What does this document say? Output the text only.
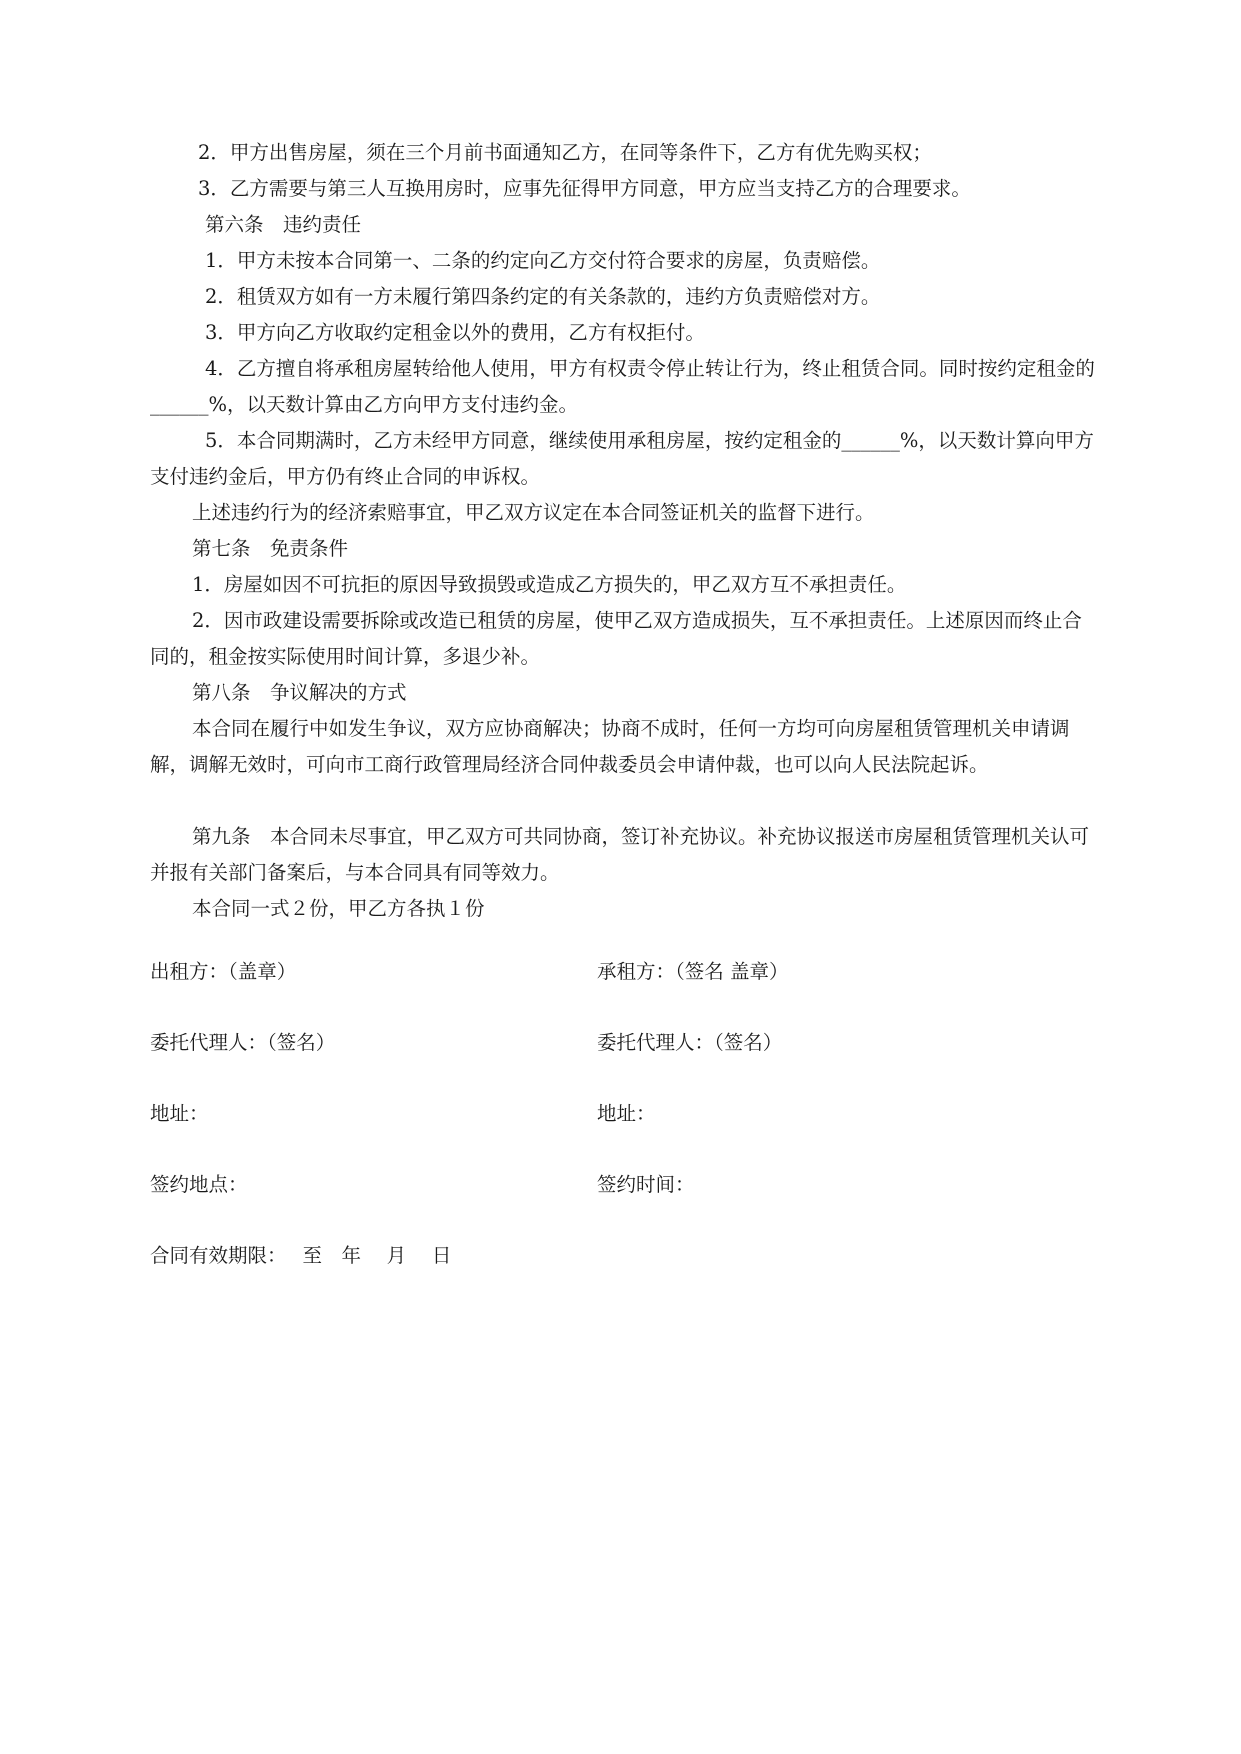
2．甲方出售房屋，须在三个月前书面通知乙方，在同等条件下，乙方有优先购买权；

3．乙方需要与第三人互换用房时，应事先征得甲方同意，甲方应当支持乙方的合理要求。

第六条　违约责任

1．甲方未按本合同第一、二条的约定向乙方交付符合要求的房屋，负责赔偿。

2．租赁双方如有一方未履行第四条约定的有关条款的，违约方负责赔偿对方。

3．甲方向乙方收取约定租金以外的费用，乙方有权拒付。

4．乙方擅自将承租房屋转给他人使用，甲方有权责令停止转让行为，终止租赁合同。同时按约定租金的______%，以天数计算由乙方向甲方支付违约金。

5．本合同期满时，乙方未经甲方同意，继续使用承租房屋，按约定租金的______%，以天数计算向甲方支付违约金后，甲方仍有终止合同的申诉权。

上述违约行为的经济索赔事宜，甲乙双方议定在本合同签证机关的监督下进行。

第七条　免责条件

1．房屋如因不可抗拒的原因导致损毁或造成乙方损失的，甲乙双方互不承担责任。

2．因市政建设需要拆除或改造已租赁的房屋，使甲乙双方造成损失，互不承担责任。上述原因而终止合同的，租金按实际使用时间计算，多退少补。

第八条　争议解决的方式

本合同在履行中如发生争议，双方应协商解决；协商不成时，任何一方均可向房屋租赁管理机关申请调解，调解无效时，可向市工商行政管理局经济合同仲裁委员会申请仲裁，也可以向人民法院起诉。

第九条　本合同未尽事宜，甲乙双方可共同协商，签订补充协议。补充协议报送市房屋租赁管理机关认可并报有关部门备案后，与本合同具有同等效力。

本合同一式２份，甲乙方各执１份

出租方：（盖章）	承租方：（签名 盖章）

委托代理人：（签名）	委托代理人：（签名）

地址：	地址：

签约地点：	签约时间：

合同有效期限：　 至　年　 月　 日
